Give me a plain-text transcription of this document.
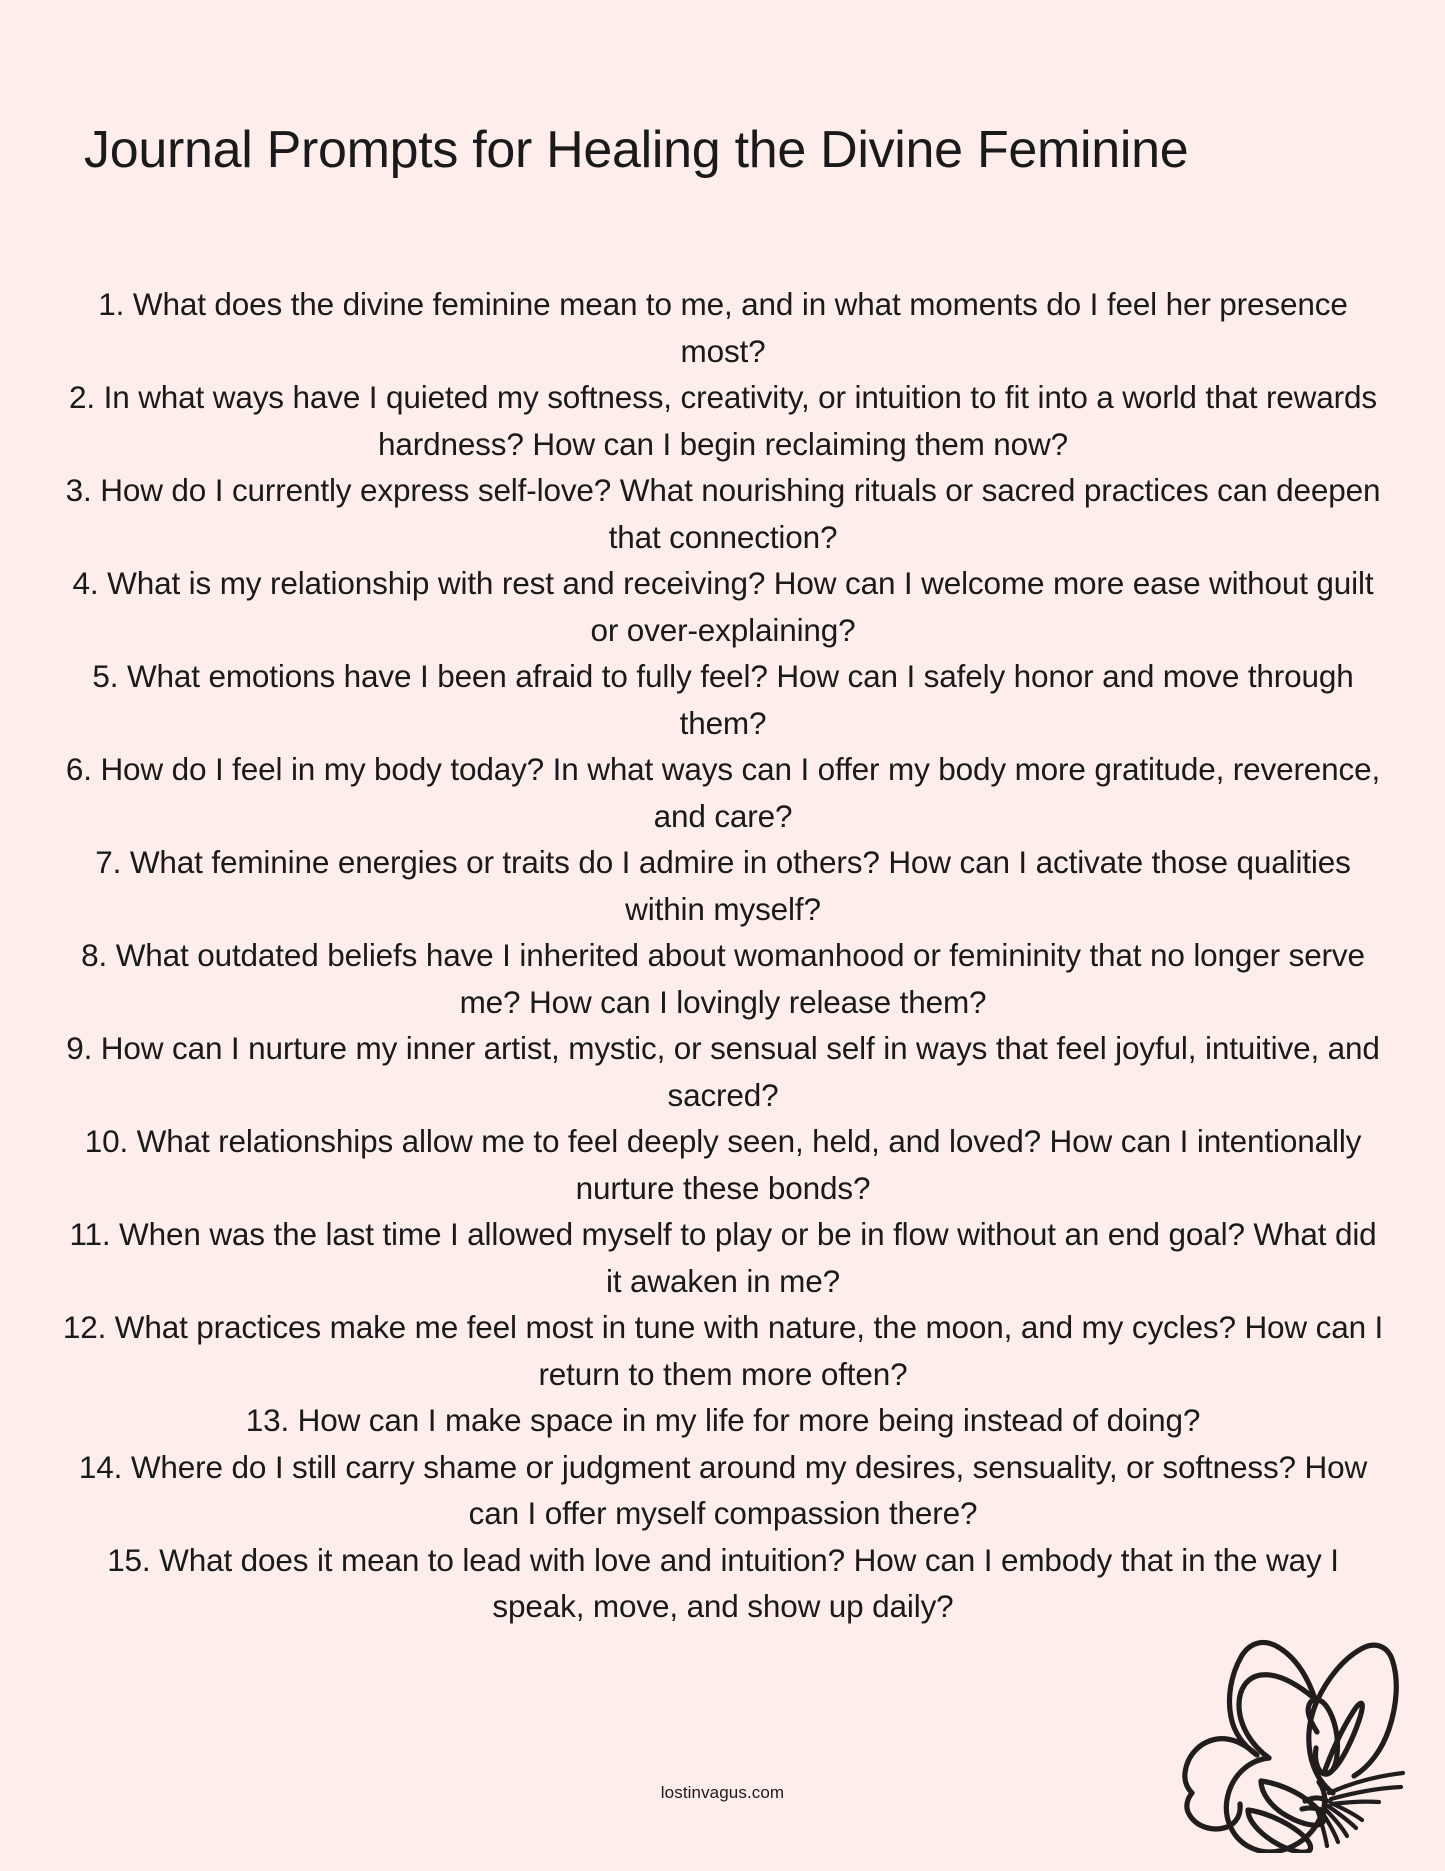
Journal Prompts for Healing the Divine Feminine

1. What does the divine feminine mean to me, and in what moments do I feel her presence most?

2. In what ways have I quieted my softness, creativity, or intuition to fit into a world that rewards hardness? How can I begin reclaiming them now?

3. How do I currently express self-love? What nourishing rituals or sacred practices can deepen that connection?

4. What is my relationship with rest and receiving? How can I welcome more ease without guilt or over-explaining?

5. What emotions have I been afraid to fully feel? How can I safely honor and move through them?

6. How do I feel in my body today? In what ways can I offer my body more gratitude, reverence, and care?

7. What feminine energies or traits do I admire in others? How can I activate those qualities within myself?

8. What outdated beliefs have I inherited about womanhood or femininity that no longer serve me? How can I lovingly release them?

9. How can I nurture my inner artist, mystic, or sensual self in ways that feel joyful, intuitive, and sacred?

10. What relationships allow me to feel deeply seen, held, and loved? How can I intentionally nurture these bonds?

11. When was the last time I allowed myself to play or be in flow without an end goal? What did it awaken in me?

12. What practices make me feel most in tune with nature, the moon, and my cycles? How can I return to them more often?

13. How can I make space in my life for more being instead of doing?

14. Where do I still carry shame or judgment around my desires, sensuality, or softness? How can I offer myself compassion there?

15. What does it mean to lead with love and intuition? How can I embody that in the way I speak, move, and show up daily?

lostinvagus.com
